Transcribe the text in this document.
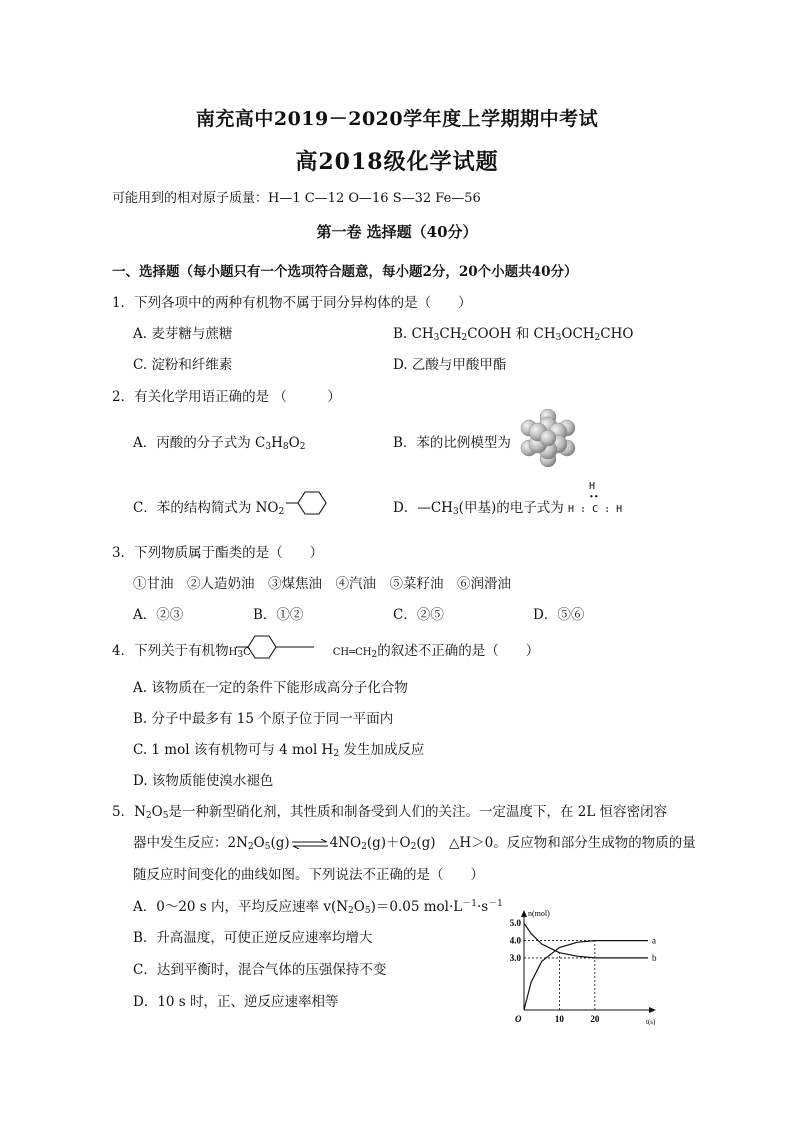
南充高中2019－2020学年度上学期期中考试
高2018级化学试题
可能用到的相对原子质量：H—1 C—12 O—16 S—32 Fe—56
第一卷 选择题（40分）
一、选择题（每小题只有一个选项符合题意，每小题2分，20个小题共40分）
1．下列各项中的两种有机物不属于同分异构体的是（　　）
A. 麦芽糖与蔗糖	B. $CH_3CH_2COOH$ 和 $CH_3OCH_2CHO$
C. 淀粉和纤维素	D. 乙酸与甲酸甲酯
2．有关化学用语正确的是 （　　　）
A．丙酸的分子式为 $C_3H_8O_2$	B．苯的比例模型为
C．苯的结构简式为 $NO_2$	D．$—CH_3$(甲基)的电子式为
H
∙∙
H : C : H
3．下列物质属于酯类的是（　　）
①甘油　②人造奶油　③煤焦油　④汽油　⑤菜籽油　⑥润滑油
A．②③	B．①②	C．②⑤	D．⑤⑥
4．下列关于有机物$H_3C$	$CH═CH_2$的叙述不正确的是（　　）
A. 该物质在一定的条件下能形成高分子化合物
B. 分子中最多有 15 个原子位于同一平面内
C. 1 mol 该有机物可与 4 mol $H_2$ 发生加成反应
D. 该物质能使溴水褪色
5．$N_2O_5$是一种新型硝化剂，其性质和制备受到人们的关注。一定温度下，在 2L 恒容密闭容
器中发生反应：$2N_2O_5(g)\rightleftharpoons 4NO_2(g)+O_2(g)$　△H＞0。反应物和部分生成物的物质的量
随反应时间变化的曲线如图。下列说法不正确的是（　　）
A．0～20 s 内，平均反应速率 $v(N_2O_5)=0.05$ $mol\cdot L^{-1}\cdot s^{-1}$
B．升高温度，可使正逆反应速率均增大
C．达到平衡时，混合气体的压强保持不变
D．10 s 时，正、逆反应速率相等
a
b
5.0
4.0
3.0
10	20
O
n(mol)
t(s)
